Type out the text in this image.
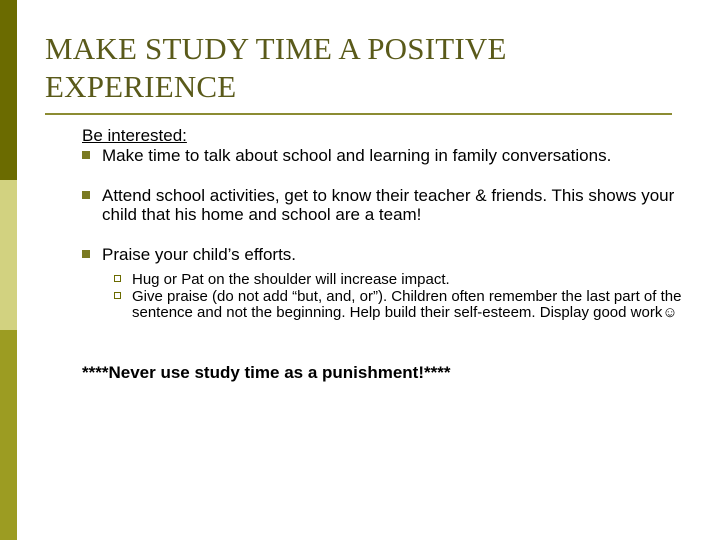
MAKE STUDY TIME A POSITIVE EXPERIENCE
Be interested:
Make time to talk about school and learning in family conversations.
Attend school activities, get to know their teacher & friends. This shows your child that his home and school are a team!
Praise your child’s efforts.
Hug or Pat on the shoulder will increase impact.
Give praise (do not add “but, and, or”). Children often remember the last part of the sentence and not the beginning. Help build their self-esteem. Display good work☺
****Never use study time as a punishment!****
